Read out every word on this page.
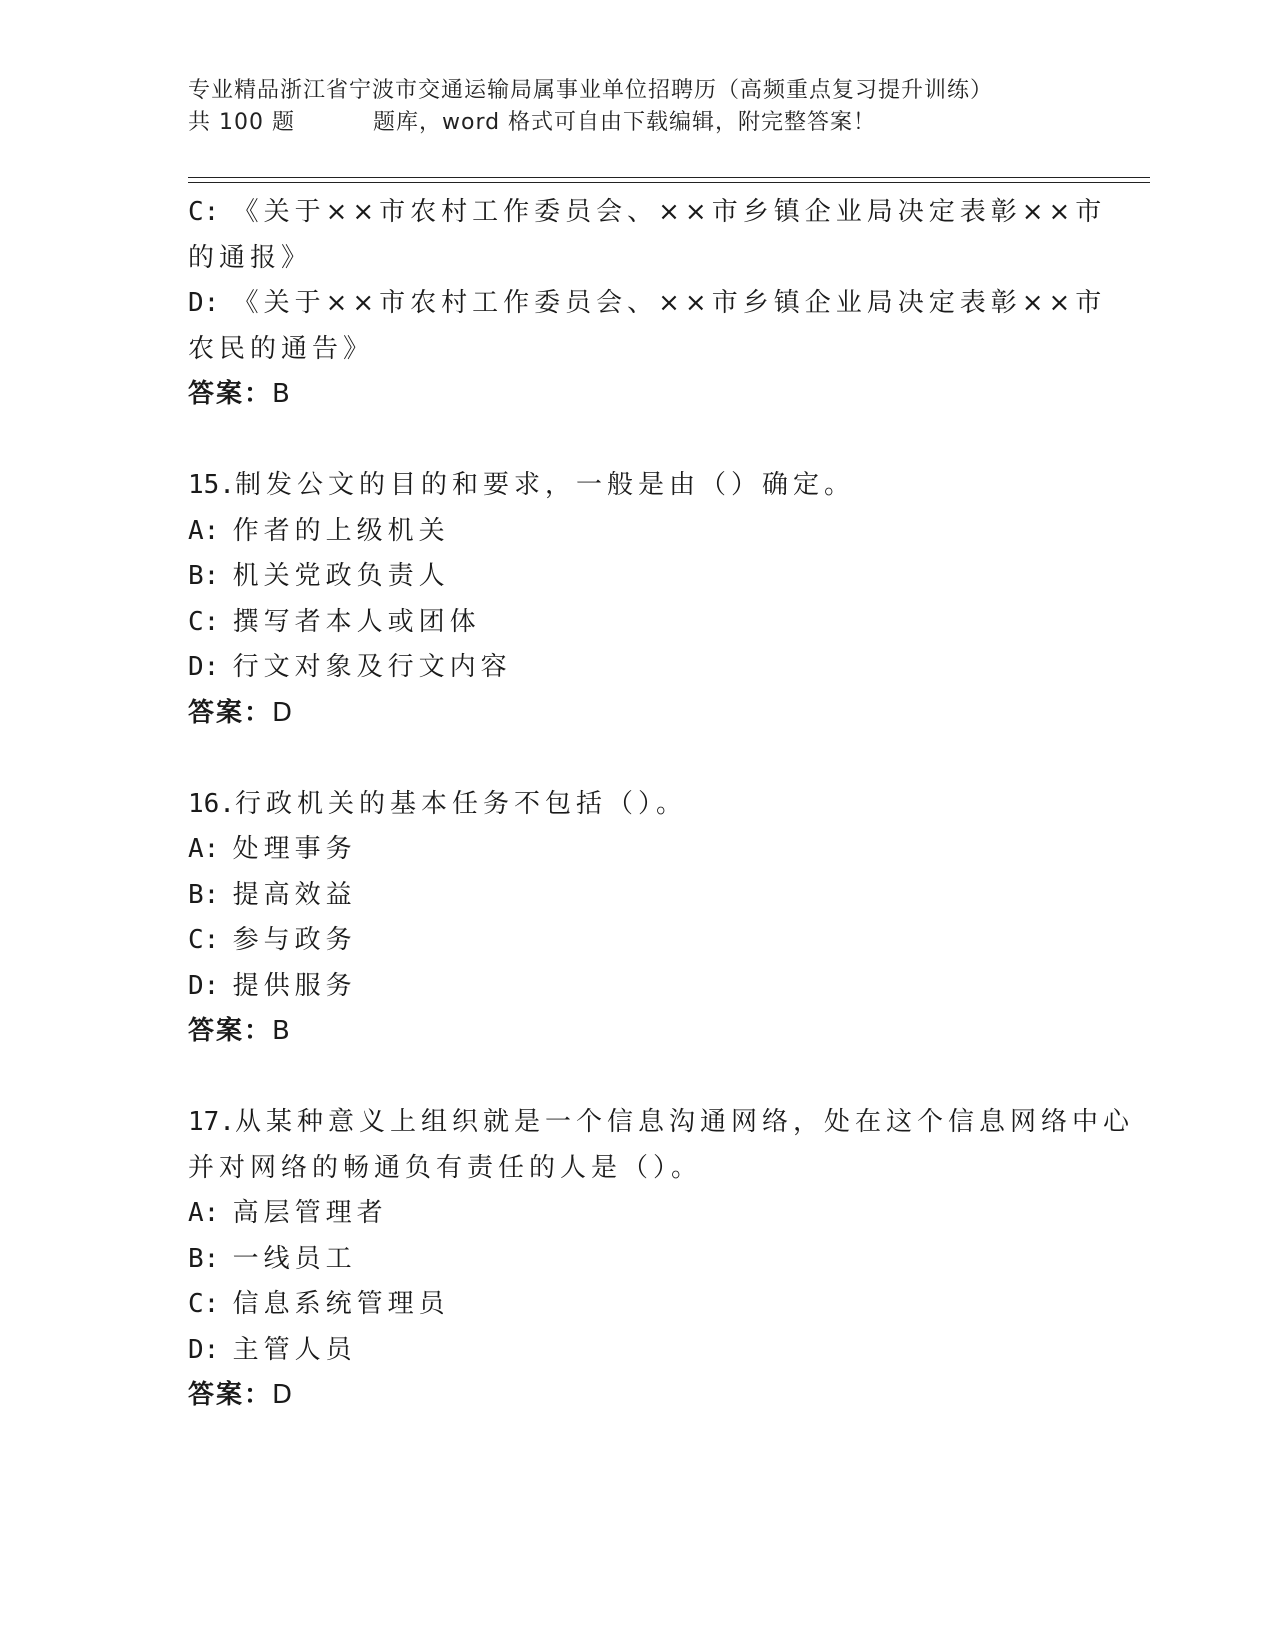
专业精品浙江省宁波市交通运输局属事业单位招聘历（高频重点复习提升训练）
共 100 题	题库，word 格式可自由下载编辑，附完整答案！
C: 《关于××市农村工作委员会、××市乡镇企业局决定表彰××市
的通报》
D: 《关于××市农村工作委员会、××市乡镇企业局决定表彰××市
农民的通告》
答案：B
15.制发公文的目的和要求，一般是由（）确定。
A: 作者的上级机关
B: 机关党政负责人
C: 撰写者本人或团体
D: 行文对象及行文内容
答案：D
16.行政机关的基本任务不包括（）。
A: 处理事务
B: 提高效益
C: 参与政务
D: 提供服务
答案：B
17.从某种意义上组织就是一个信息沟通网络，处在这个信息网络中心
并对网络的畅通负有责任的人是（）。
A: 高层管理者
B: 一线员工
C: 信息系统管理员
D: 主管人员
答案：D
